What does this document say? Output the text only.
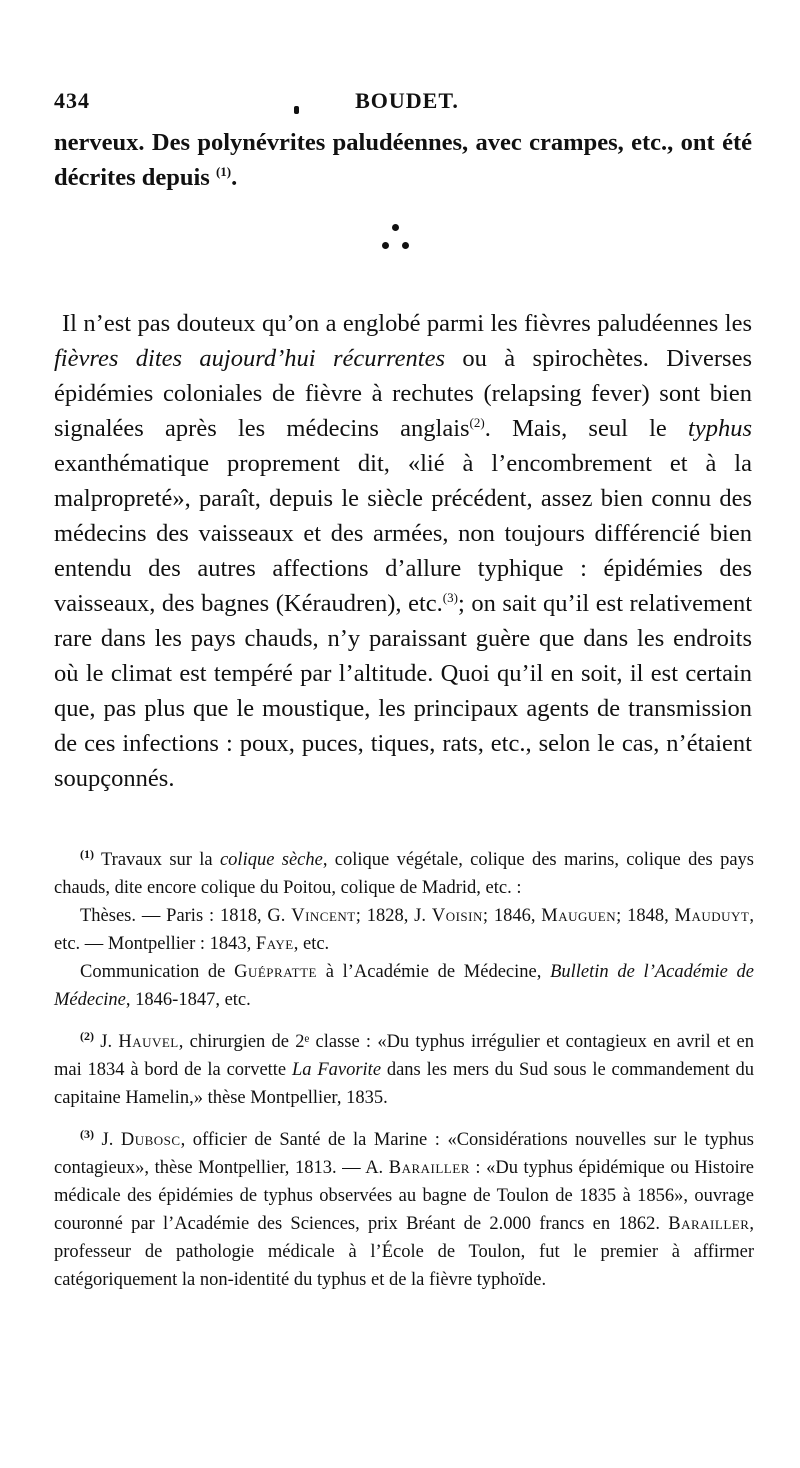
434	BOUDET.
nerveux. Des polynévrites paludéennes, avec crampes, etc., ont été décrites depuis $^{(1)}$.
Il n’est pas douteux qu’on a englobé parmi les fièvres paludéennes les fièvres dites aujourd’hui récurrentes ou à spirochètes. Diverses épidémies coloniales de fièvre à rechutes (relapsing fever) sont bien signalées après les médecins anglais$^{(2)}$. Mais, seul le typhus exanthématique proprement dit, «lié à l’encombrement et à la malpropreté», paraît, depuis le siècle précédent, assez bien connu des médecins des vaisseaux et des armées, non toujours différencié bien entendu des autres affections d’allure typhique : épidémies des vaisseaux, des bagnes (Kéraudren), etc.$^{(3)}$; on sait qu’il est relativement rare dans les pays chauds, n’y paraissant guère que dans les endroits où le climat est tempéré par l’altitude. Quoi qu’il en soit, il est certain que, pas plus que le moustique, les principaux agents de transmission de ces infections : poux, puces, tiques, rats, etc., selon le cas, n’étaient soupçonnés.

$^{(1)}$ Travaux sur la colique sèche, colique végétale, colique des marins, colique des pays chauds, dite encore colique du Poitou, colique de Madrid, etc. :

Thèses. — Paris : 1818, G. Vincent; 1828, J. Voisin; 1846, Mauguen; 1848, Mauduyt, etc. — Montpellier : 1843, Faye, etc.

Communication de Guépratte à l’Académie de Médecine, Bulletin de l’Académie de Médecine, 1846-1847, etc.

$^{(2)}$ J. Hauvel, chirurgien de 2ᵉ classe : «Du typhus irrégulier et contagieux en avril et en mai 1834 à bord de la corvette La Favorite dans les mers du Sud sous le commandement du capitaine Hamelin,» thèse Montpellier, 1835.

$^{(3)}$ J. Dubosc, officier de Santé de la Marine : «Considérations nouvelles sur le typhus contagieux», thèse Montpellier, 1813. — A. Barailler : «Du typhus épidémique ou Histoire médicale des épidémies de typhus observées au bagne de Toulon de 1835 à 1856», ouvrage couronné par l’Académie des Sciences, prix Bréant de 2.000 francs en 1862. Barailler, professeur de pathologie médicale à l’École de Toulon, fut le premier à affirmer catégoriquement la non-identité du typhus et de la fièvre typhoïde.
